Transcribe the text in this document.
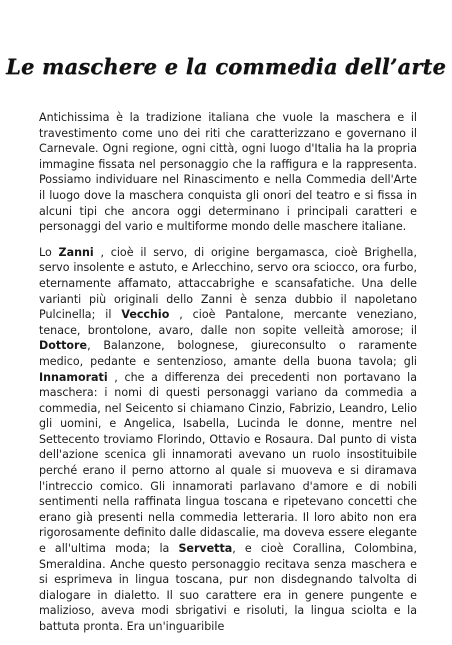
Le maschere e la commedia dell’arte

Antichissima è la tradizione italiana che vuole la maschera e il travestimento come uno dei riti che caratterizzano e governano il Carnevale. Ogni regione, ogni città, ogni luogo d'Italia ha la propria immagine fissata nel personaggio che la raffigura e la rappresenta. Possiamo individuare nel Rinascimento e nella Commedia dell'Arte il luogo dove la maschera conquista gli onori del teatro e si fissa in alcuni tipi che ancora oggi determinano i principali caratteri e personaggi del vario e multiforme mondo delle maschere italiane.

Lo Zanni , cioè il servo, di origine bergamasca, cioè Brighella, servo insolente e astuto, e Arlecchino, servo ora sciocco, ora furbo, eternamente affamato, attaccabrighe e scansafatiche. Una delle varianti più originali dello Zanni è senza dubbio il napoletano Pulcinella; il Vecchio , cioè Pantalone, mercante veneziano, tenace, brontolone, avaro, dalle non sopite velleità amorose; il Dottore, Balanzone, bolognese, giureconsulto o raramente medico, pedante e sentenzioso, amante della buona tavola; gli Innamorati , che a differenza dei precedenti non portavano la maschera: i nomi di questi personaggi variano da commedia a commedia, nel Seicento si chiamano Cinzio, Fabrizio, Leandro, Lelio gli uomini, e Angelica, Isabella, Lucinda le donne, mentre nel Settecento troviamo Florindo, Ottavio e Rosaura. Dal punto di vista dell'azione scenica gli innamorati avevano un ruolo insostituibile perché erano il perno attorno al quale si muoveva e si diramava l'intreccio comico. Gli innamorati parlavano d'amore e di nobili sentimenti nella raffinata lingua toscana e ripetevano concetti che erano già presenti nella commedia letteraria. Il loro abito non era rigorosamente definito dalle didascalie, ma doveva essere elegante e all'ultima moda; la Servetta, e cioè Corallina, Colombina, Smeraldina. Anche questo personaggio recitava senza maschera e si esprimeva in lingua toscana, pur non disdegnando talvolta di dialogare in dialetto. Il suo carattere era in genere pungente e malizioso, aveva modi sbrigativi e risoluti, la lingua sciolta e la battuta pronta. Era un'inguaribile
